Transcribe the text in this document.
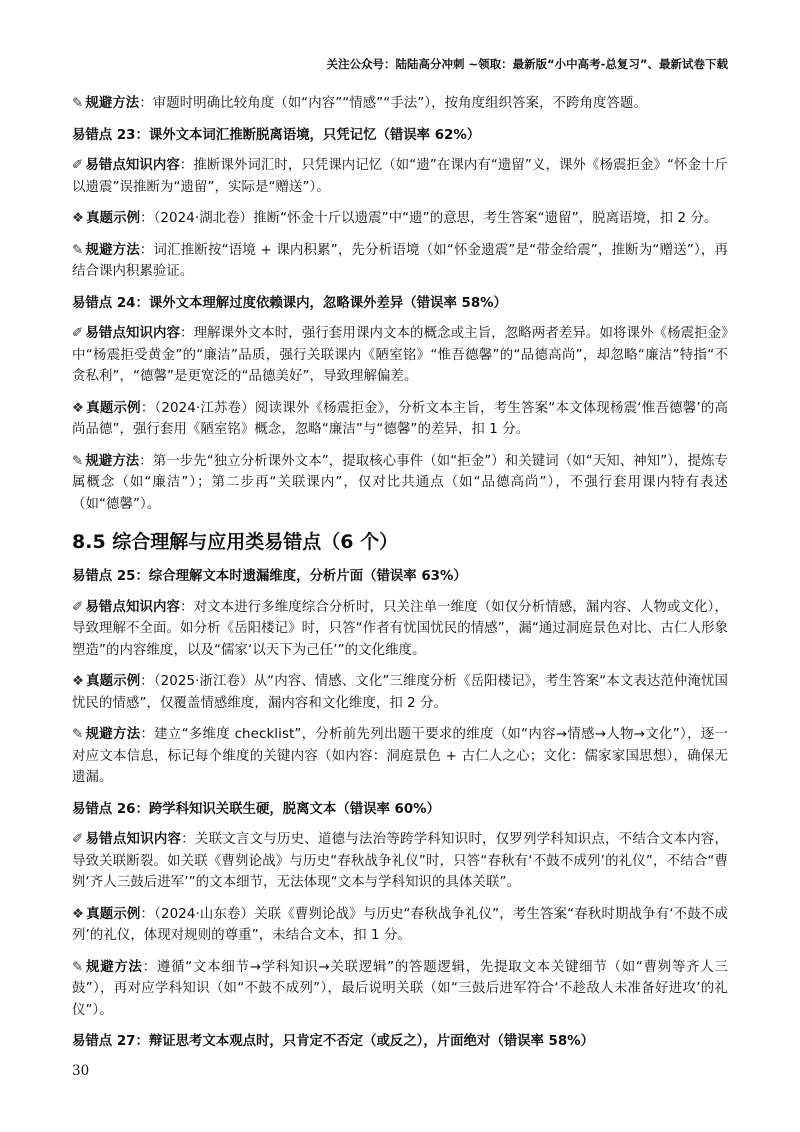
关注公众号：陆陆高分冲刺 ~领取：最新版“小中高考-总复习”、最新试卷下载

✎ 规避方法：审题时明确比较角度（如“内容”“情感”“手法”），按角度组织答案，不跨角度答题。

易错点 23：课外文本词汇推断脱离语境，只凭记忆（错误率 62%）

✐ 易错点知识内容：推断课外词汇时，只凭课内记忆（如“遗”在课内有“遗留”义，课外《杨震拒金》“怀金十斤以遗震”误推断为“遗留”，实际是“赠送”）。

❖ 真题示例：（2024·湖北卷）推断“怀金十斤以遗震”中“遗”的意思，考生答案“遗留”，脱离语境，扣 2 分。

✎ 规避方法：词汇推断按“语境 + 课内积累”，先分析语境（如“怀金遗震”是“带金给震”，推断为“赠送”），再结合课内积累验证。

易错点 24：课外文本理解过度依赖课内，忽略课外差异（错误率 58%）

✐ 易错点知识内容：理解课外文本时，强行套用课内文本的概念或主旨，忽略两者差异。如将课外《杨震拒金》中“杨震拒受黄金”的“廉洁”品质，强行关联课内《陋室铭》“惟吾德馨”的“品德高尚”，却忽略“廉洁”特指“不贪私利”，“德馨”是更宽泛的“品德美好”，导致理解偏差。

❖ 真题示例：（2024·江苏卷）阅读课外《杨震拒金》，分析文本主旨，考生答案“本文体现杨震‘惟吾德馨’的高尚品德”，强行套用《陋室铭》概念，忽略“廉洁”与“德馨”的差异，扣 1 分。

✎ 规避方法：第一步先“独立分析课外文本”，提取核心事件（如“拒金”）和关键词（如“天知、神知”），提炼专属概念（如“廉洁”）；第二步再“关联课内”，仅对比共通点（如“品德高尚”），不强行套用课内特有表述（如“德馨”）。

8.5 综合理解与应用类易错点（6 个）

易错点 25：综合理解文本时遗漏维度，分析片面（错误率 63%）

✐ 易错点知识内容：对文本进行多维度综合分析时，只关注单一维度（如仅分析情感，漏内容、人物或文化），导致理解不全面。如分析《岳阳楼记》时，只答“作者有忧国忧民的情感”，漏“通过洞庭景色对比、古仁人形象塑造”的内容维度，以及“儒家‘以天下为己任’”的文化维度。

❖ 真题示例：（2025·浙江卷）从“内容、情感、文化”三维度分析《岳阳楼记》，考生答案“本文表达范仲淹忧国忧民的情感”，仅覆盖情感维度，漏内容和文化维度，扣 2 分。

✎ 规避方法：建立“多维度 checklist”，分析前先列出题干要求的维度（如“内容→情感→人物→文化”），逐一对应文本信息，标记每个维度的关键内容（如内容：洞庭景色 + 古仁人之心；文化：儒家家国思想），确保无遗漏。

易错点 26：跨学科知识关联生硬，脱离文本（错误率 60%）

✐ 易错点知识内容：关联文言文与历史、道德与法治等跨学科知识时，仅罗列学科知识点，不结合文本内容，导致关联断裂。如关联《曹刿论战》与历史“春秋战争礼仪”时，只答“春秋有‘不鼓不成列’的礼仪”，不结合“曹刿‘齐人三鼓后进军’”的文本细节，无法体现“文本与学科知识的具体关联”。

❖ 真题示例：（2024·山东卷）关联《曹刿论战》与历史“春秋战争礼仪”，考生答案“春秋时期战争有‘不鼓不成列’的礼仪，体现对规则的尊重”，未结合文本，扣 1 分。

✎ 规避方法：遵循“文本细节→学科知识→关联逻辑”的答题逻辑，先提取文本关键细节（如“曹刿等齐人三鼓”），再对应学科知识（如“不鼓不成列”），最后说明关联（如“三鼓后进军符合‘不趁敌人未准备好进攻’的礼仪”）。

易错点 27：辩证思考文本观点时，只肯定不否定（或反之），片面绝对（错误率 58%）

30
